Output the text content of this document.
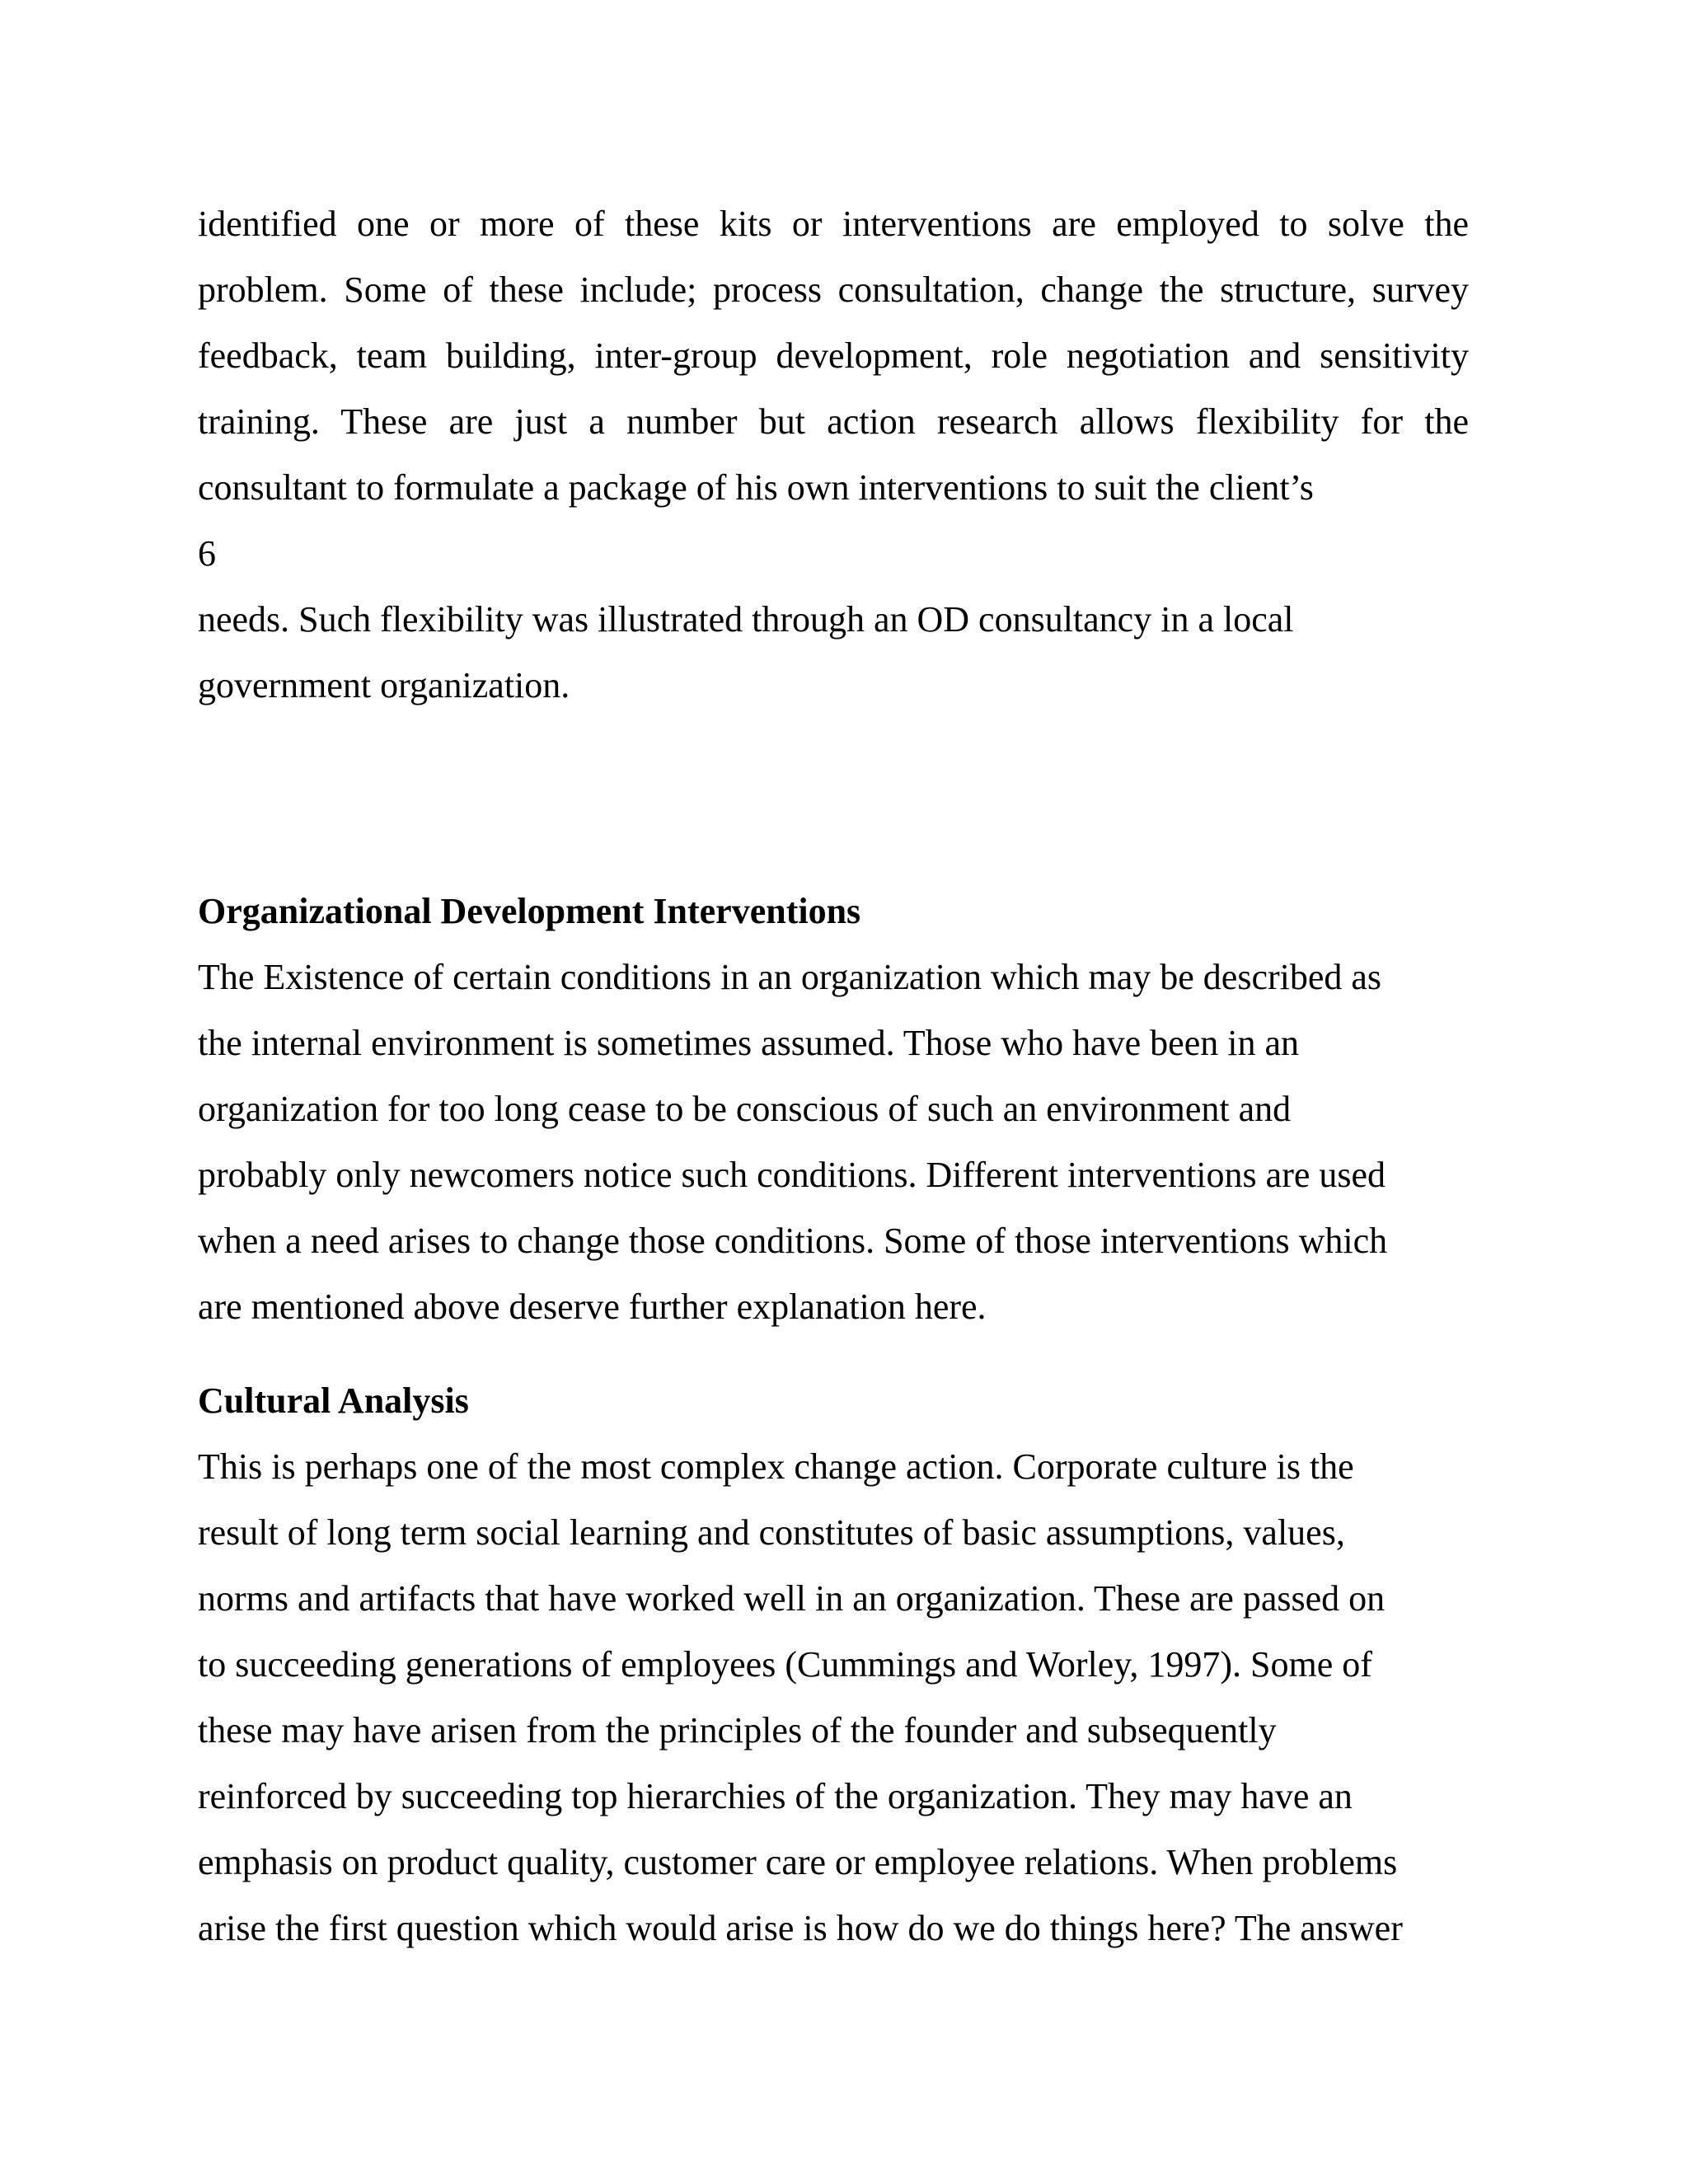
identified one or more of these kits or interventions are employed to solve the
problem. Some of these include; process consultation, change the structure, survey
feedback, team building, inter-group development, role negotiation and sensitivity
training. These are just a number but action research allows flexibility for the
consultant to formulate a package of his own interventions to suit the client’s
6
needs. Such flexibility was illustrated through an OD consultancy in a local
government organization.
Organizational Development Interventions
The Existence of certain conditions in an organization which may be described as
the internal environment is sometimes assumed. Those who have been in an
organization for too long cease to be conscious of such an environment and
probably only newcomers notice such conditions. Different interventions are used
when a need arises to change those conditions. Some of those interventions which
are mentioned above deserve further explanation here.
Cultural Analysis
This is perhaps one of the most complex change action. Corporate culture is the
result of long term social learning and constitutes of basic assumptions, values,
norms and artifacts that have worked well in an organization. These are passed on
to succeeding generations of employees (Cummings and Worley, 1997). Some of
these may have arisen from the principles of the founder and subsequently
reinforced by succeeding top hierarchies of the organization. They may have an
emphasis on product quality, customer care or employee relations. When problems
arise the first question which would arise is how do we do things here? The answer
